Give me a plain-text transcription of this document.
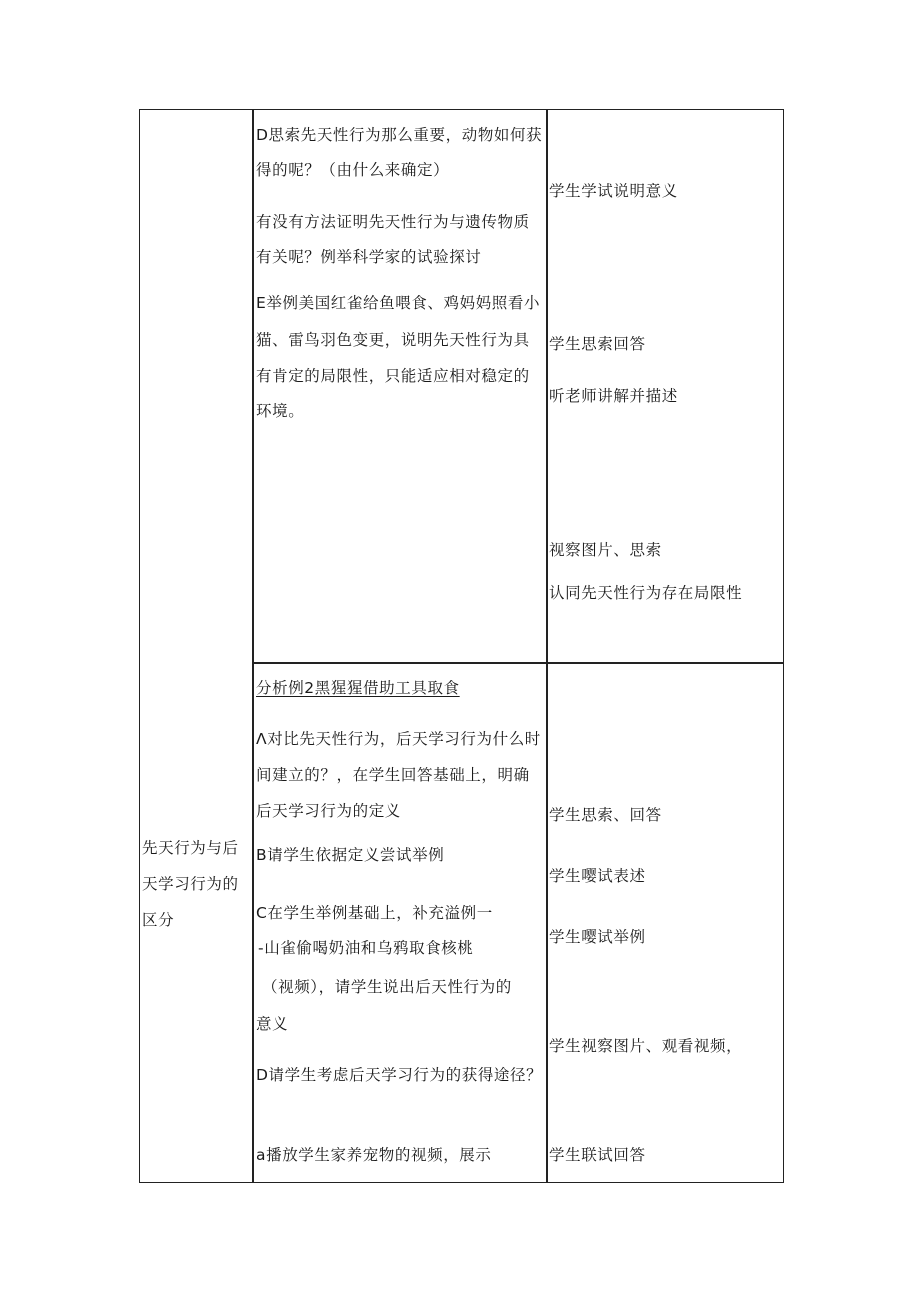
D思索先天性行为那么重要，动物如何获
得的呢？（由什么来确定）
有没有方法证明先天性行为与遗传物质
有关呢？例举科学家的试验探讨
E举例美国红雀给鱼喂食、鸡妈妈照看小
猫、雷鸟羽色变更，说明先天性行为具
有肯定的局限性，只能适应相对稳定的
环境。
学生学试说明意义
学生思索回答
听老师讲解并描述
视察图片、思索
认同先天性行为存在局限性
先天行为与后
天学习行为的
区分
分析例2黑猩猩借助工具取食
Λ对比先天性行为，后天学习行为什么时
间建立的？，在学生回答基础上，明确
后天学习行为的定义
B请学生依据定义尝试举例
C在学生举例基础上，补充溢例一
-山雀偷喝奶油和乌鸦取食核桃
（视频），请学生说出后天性行为的
意义
D请学生考虑后天学习行为的获得途径？
a播放学生家养宠物的视频，展示
学生思索、回答
学生嘤试表述
学生嘤试举例
学生视察图片、观看视频，
学生联试回答
